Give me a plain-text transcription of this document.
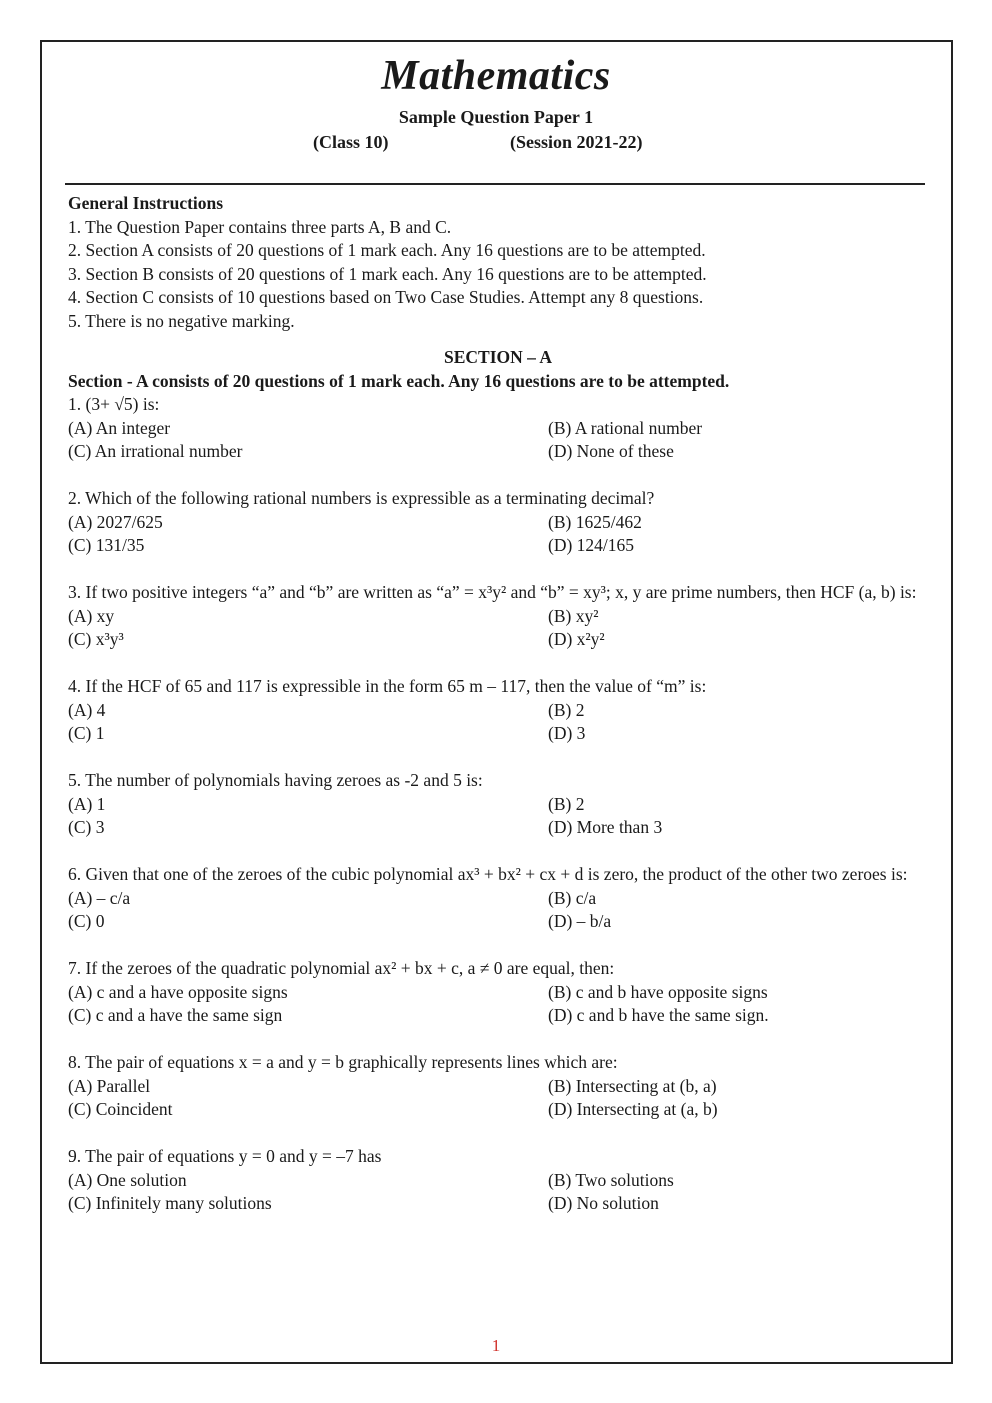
Mathematics
Sample Question Paper 1
(Class 10)	(Session 2021-22)
General Instructions
1. The Question Paper contains three parts A, B and C.
2. Section A consists of 20 questions of 1 mark each. Any 16 questions are to be attempted.
3. Section B consists of 20 questions of 1 mark each. Any 16 questions are to be attempted.
4. Section C consists of 10 questions based on Two Case Studies. Attempt any 8 questions.
5. There is no negative marking.
SECTION – A
Section - A consists of 20 questions of 1 mark each. Any 16 questions are to be attempted.
1. (3+ √5) is:
(A) An integer	(B) A rational number
(C) An irrational number	(D) None of these
2. Which of the following rational numbers is expressible as a terminating decimal?
(A) 2027/625	(B) 1625/462
(C) 131/35	(D) 124/165
3. If two positive integers “a” and “b” are written as “a” = x³y² and “b” = xy³; x, y are prime numbers, then HCF (a, b) is:
(A) xy	(B) xy²
(C) x³y³	(D) x²y²
4. If the HCF of 65 and 117 is expressible in the form 65 m – 117, then the value of “m” is:
(A) 4	(B) 2
(C) 1	(D) 3
5. The number of polynomials having zeroes as -2 and 5 is:
(A) 1	(B) 2
(C) 3	(D) More than 3
6. Given that one of the zeroes of the cubic polynomial ax³ + bx² + cx + d is zero, the product of the other two zeroes is:
(A) – c/a	(B) c/a
(C) 0	(D) – b/a
7. If the zeroes of the quadratic polynomial ax² + bx + c, a ≠ 0 are equal, then:
(A) c and a have opposite signs	(B) c and b have opposite signs
(C) c and a have the same sign	(D) c and b have the same sign.
8. The pair of equations x = a and y = b graphically represents lines which are:
(A) Parallel	(B) Intersecting at (b, a)
(C) Coincident	(D) Intersecting at (a, b)
9. The pair of equations y = 0 and y = –7 has
(A) One solution	(B) Two solutions
(C) Infinitely many solutions	(D) No solution
1
